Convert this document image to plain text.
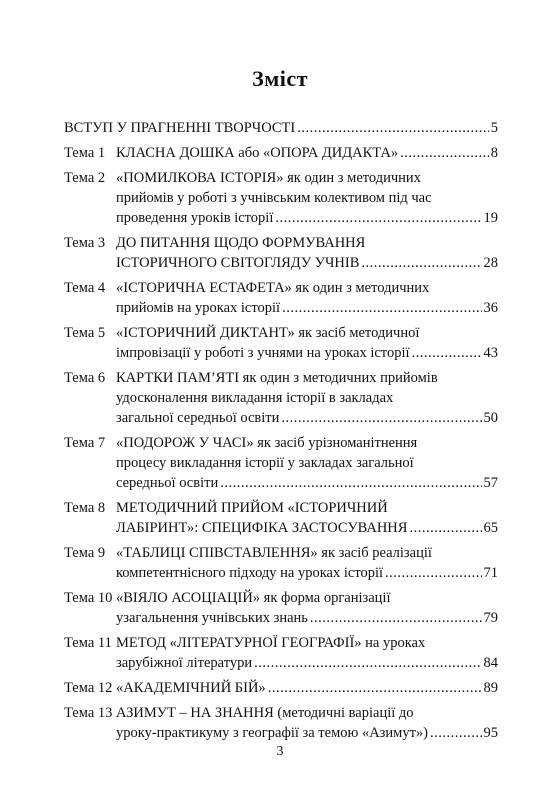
Зміст
ВСТУП У ПРАГНЕННІ ТВОРЧОСТІ .....	5
Тема 1 КЛАСНА ДОШКА або «ОПОРА ДИДАКТА» .....	8
Тема 2 «ПОМИЛКОВА ІСТОРІЯ» як один з методичних
прийомів у роботі з учнівським колективом під час
проведення уроків історії .....	19
Тема 3 ДО ПИТАННЯ ЩОДО ФОРМУВАННЯ
ІСТОРИЧНОГО СВІТОГЛЯДУ УЧНІВ .....	28
Тема 4 «ІСТОРИЧНА ЕСТАФЕТА» як один з методичних
прийомів на уроках історії .....	36
Тема 5 «ІСТОРИЧНИЙ ДИКТАНТ» як засіб методичної
імпровізації у роботі з учнями на уроках історії .....	43
Тема 6 КАРТКИ ПАМ’ЯТІ як один з методичних прийомів
удосконалення викладання історії в закладах
загальної середньої освіти .....	50
Тема 7 «ПОДОРОЖ У ЧАСІ» як засіб урізноманітнення
процесу викладання історії у закладах загальної
середньої освіти .....	57
Тема 8 МЕТОДИЧНИЙ ПРИЙОМ «ІСТОРИЧНИЙ
ЛАБІРИНТ»: СПЕЦИФІКА ЗАСТОСУВАННЯ .....	65
Тема 9 «ТАБЛИЦІ СПІВСТАВЛЕННЯ» як засіб реалізації
компетентнісного підходу на уроках історії .....	71
Тема 10 «ВІЯЛО АСОЦІАЦІЙ» як форма організації
узагальнення учнівських знань .....	79
Тема 11 МЕТОД «ЛІТЕРАТУРНОЇ ГЕОГРАФІЇ» на уроках
зарубіжної літератури .....	84
Тема 12 «АКАДЕМІЧНИЙ БІЙ» .....	89
Тема 13 АЗИМУТ – НА ЗНАННЯ (методичні варіації до
уроку-практикуму з географії за темою «Азимут») .....	95
3
